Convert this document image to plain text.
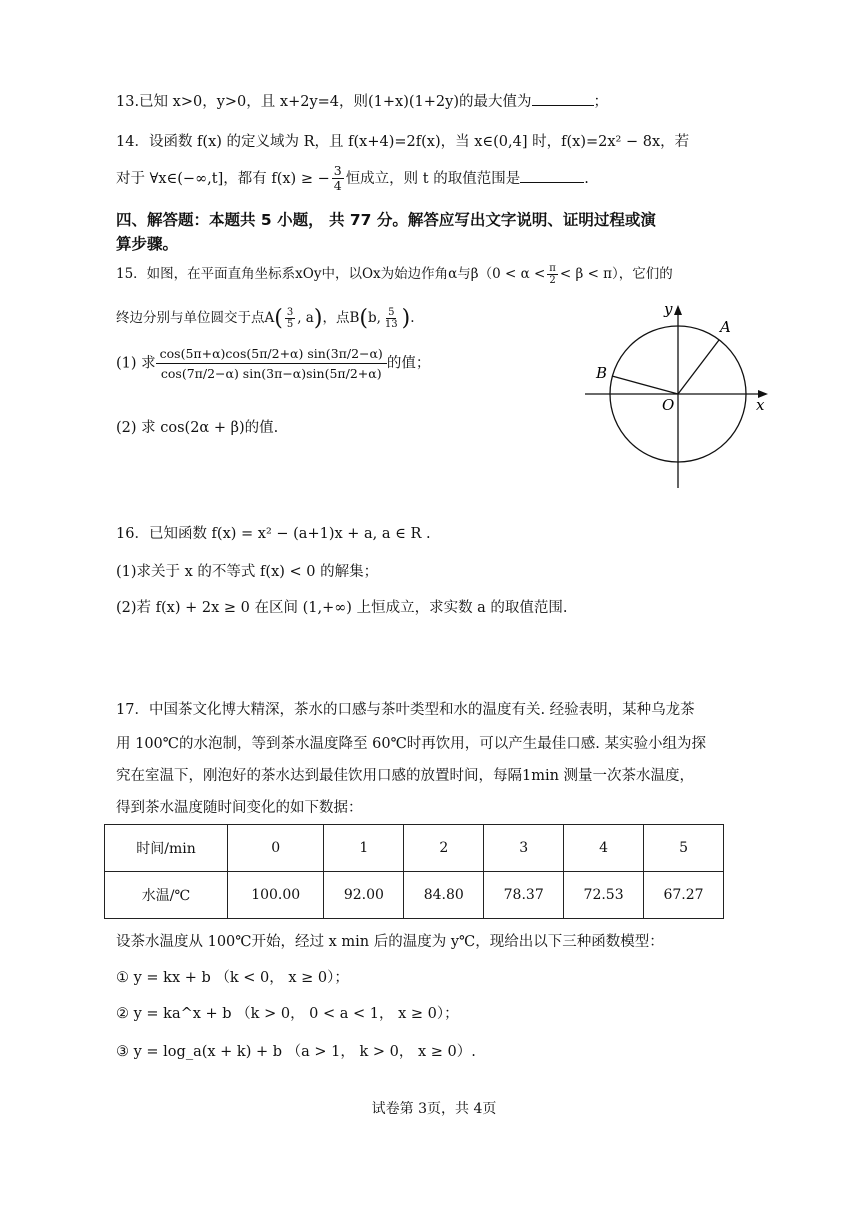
13.已知 x>0，y>0，且 x+2y=4，则(1+x)(1+2y)的最大值为	；
14．设函数 f(x) 的定义域为 R，且 f(x+4)=2f(x)，当 x∈(0,4] 时，f(x)=2x² − 8x，若
对于 ∀x∈(−∞,t]，都有 f(x) ≥ − $\frac{3}{4}$ 恒成立，则 t 的取值范围是	.
四、解答题：本题共 5 小题， 共 77 分。解答应写出文字说明、证明过程或演
算步骤。
15．如图，在平面直角坐标系xOy中，以Ox为始边作角α与$\beta(0 < \alpha < \frac{\pi}{2} < \beta < \pi)$，它们的
终边分别与单位圆交于点$A( \frac{3}{5}$ , a)，点B(b, $\frac{5}{13}$ ).
(1) 求 $\frac{\cos(5\pi+\alpha)\cos(5\pi/2+\alpha) \sin(3\pi/2-\alpha)}{\cos(7\pi/2-\alpha) \sin(3\pi-\alpha)\sin(5\pi/2+\alpha)}$ 的值；
(2) 求 cos(2α + β)的值.
y
x
O
A
B
16．已知函数 f(x) = x² − (a+1)x + a, a ∈ R .
(1)求关于 x 的不等式 f(x) < 0 的解集；
(2)若 f(x) + 2x ≥ 0 在区间 (1,+∞) 上恒成立，求实数 a 的取值范围.
17．中国茶文化博大精深，茶水的口感与茶叶类型和水的温度有关. 经验表明，某种乌龙茶
用 100℃的水泡制，等到茶水温度降至 60℃时再饮用，可以产生最佳口感. 某实验小组为探
究在室温下，刚泡好的茶水达到最佳饮用口感的放置时间，每隔1min 测量一次茶水温度，
得到茶水温度随时间变化的如下数据：
时间/min	0	1	2	3	4	5
水温/℃	100.00	92.00	84.80	78.37	72.53	67.27
设茶水温度从 100℃开始，经过 x min 后的温度为 y℃，现给出以下三种函数模型：
① y = kx + b （k < 0， x ≥ 0）；
② y = ka^x + b （k > 0， 0 < a < 1， x ≥ 0）；
③ y = log_a(x + k) + b （a > 1， k > 0， x ≥ 0）.
试卷第 3页，共 4页
